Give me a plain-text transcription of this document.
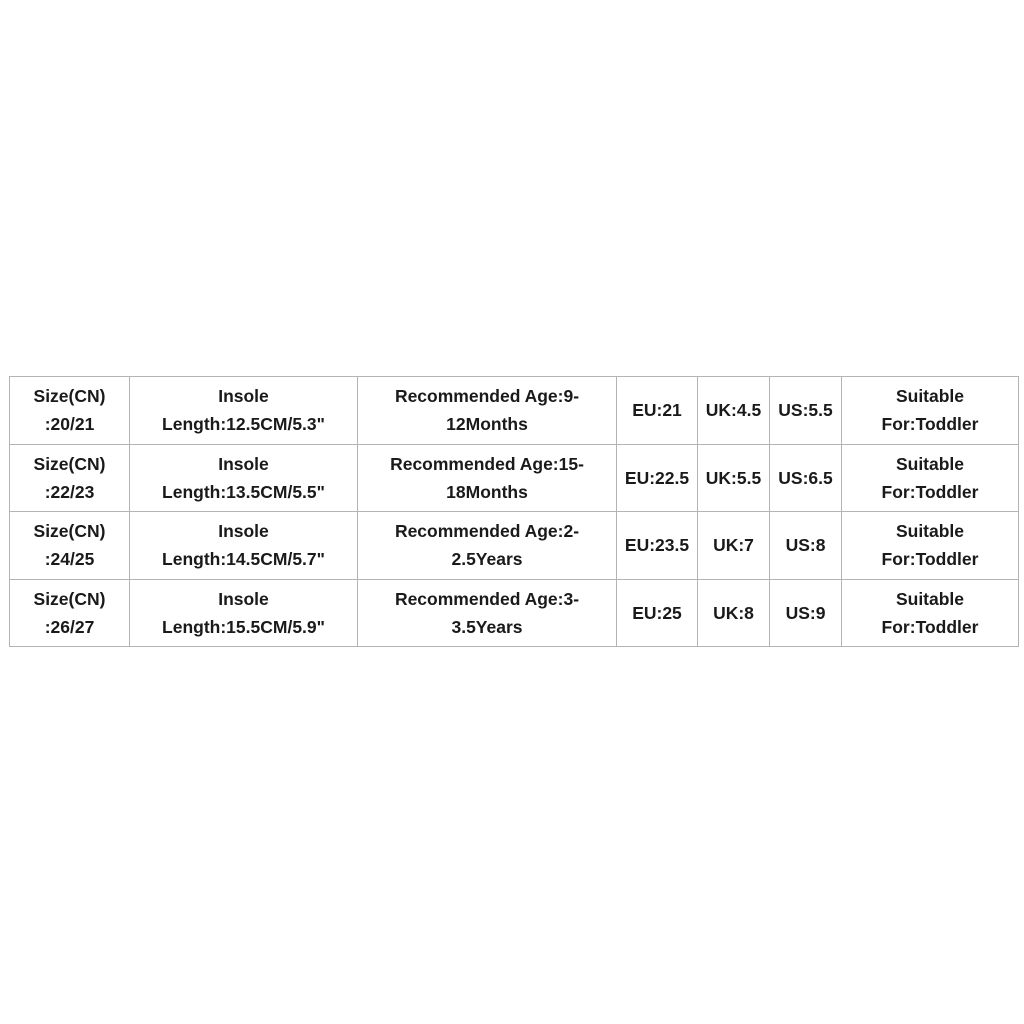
Size(CN) :20/21	Insole Length:12.5CM/5.3"	Recommended Age:9-12Months	EU:21	UK:4.5	US:5.5	Suitable For:Toddler
Size(CN) :22/23	Insole Length:13.5CM/5.5"	Recommended Age:15-18Months	EU:22.5	UK:5.5	US:6.5	Suitable For:Toddler
Size(CN) :24/25	Insole Length:14.5CM/5.7"	Recommended Age:2-2.5Years	EU:23.5	UK:7	US:8	Suitable For:Toddler
Size(CN) :26/27	Insole Length:15.5CM/5.9"	Recommended Age:3-3.5Years	EU:25	UK:8	US:9	Suitable For:Toddler
